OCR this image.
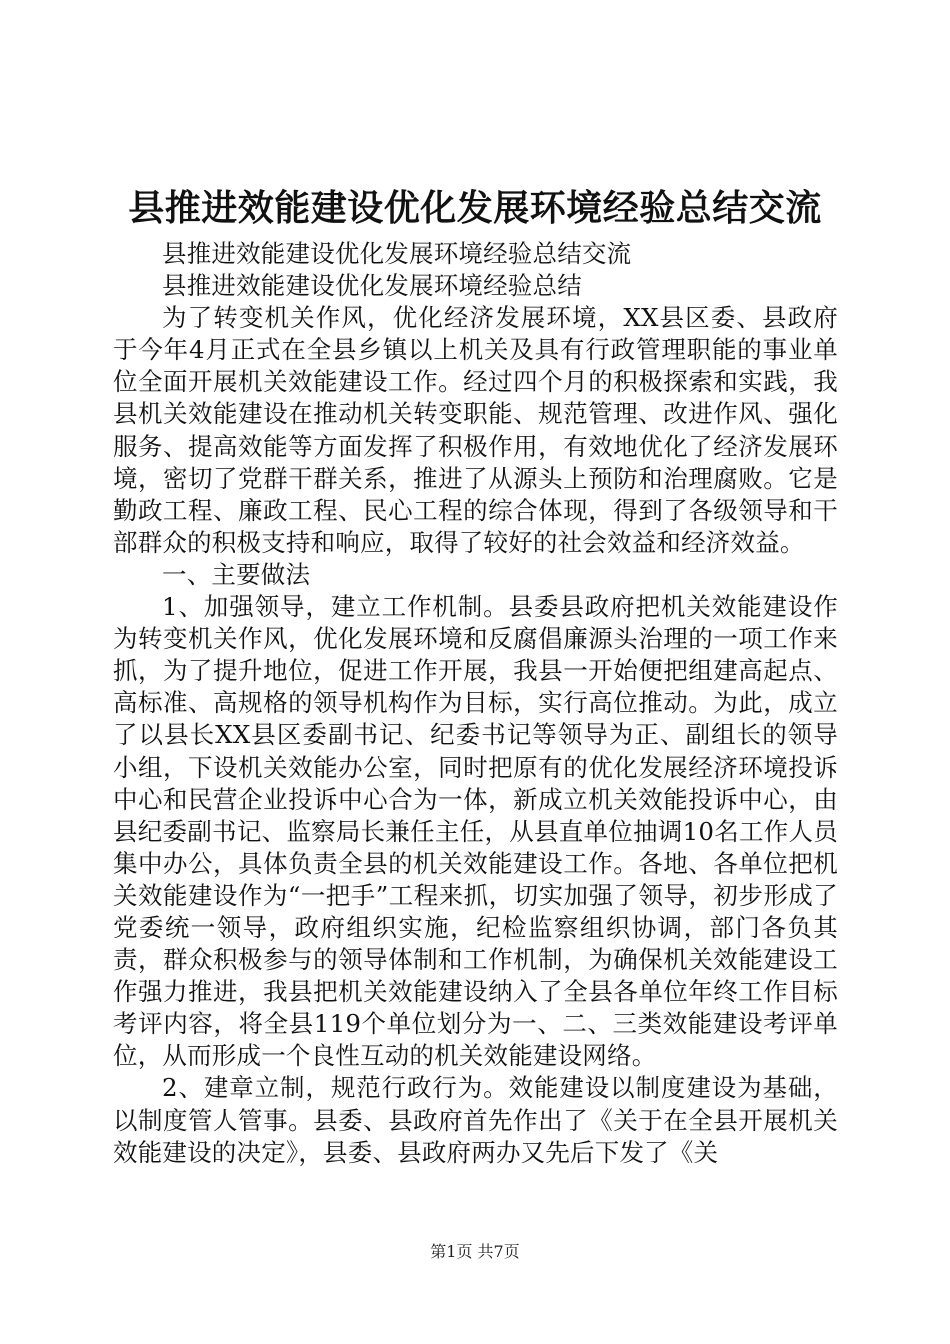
县推进效能建设优化发展环境经验总结交流

县推进效能建设优化发展环境经验总结交流

县推进效能建设优化发展环境经验总结

为了转变机关作风，优化经济发展环境，XX县区委、县政府于今年4月正式在全县乡镇以上机关及具有行政管理职能的事业单位全面开展机关效能建设工作。经过四个月的积极探索和实践，我县机关效能建设在推动机关转变职能、规范管理、改进作风、强化服务、提高效能等方面发挥了积极作用，有效地优化了经济发展环境，密切了党群干群关系，推进了从源头上预防和治理腐败。它是勤政工程、廉政工程、民心工程的综合体现，得到了各级领导和干部群众的积极支持和响应，取得了较好的社会效益和经济效益。

一、主要做法

1、加强领导，建立工作机制。县委县政府把机关效能建设作为转变机关作风，优化发展环境和反腐倡廉源头治理的一项工作来抓，为了提升地位，促进工作开展，我县一开始便把组建高起点、高标准、高规格的领导机构作为目标，实行高位推动。为此，成立了以县长XX县区委副书记、纪委书记等领导为正、副组长的领导小组，下设机关效能办公室，同时把原有的优化发展经济环境投诉中心和民营企业投诉中心合为一体，新成立机关效能投诉中心，由县纪委副书记、监察局长兼任主任，从县直单位抽调10名工作人员集中办公，具体负责全县的机关效能建设工作。各地、各单位把机关效能建设作为“一把手”工程来抓，切实加强了领导，初步形成了党委统一领导，政府组织实施，纪检监察组织协调，部门各负其责，群众积极参与的领导体制和工作机制，为确保机关效能建设工作强力推进，我县把机关效能建设纳入了全县各单位年终工作目标考评内容，将全县119个单位划分为一、二、三类效能建设考评单位，从而形成一个良性互动的机关效能建设网络。

2、建章立制，规范行政行为。效能建设以制度建设为基础，以制度管人管事。县委、县政府首先作出了《关于在全县开展机关效能建设的决定》，县委、县政府两办又先后下发了《关

第1页 共7页
